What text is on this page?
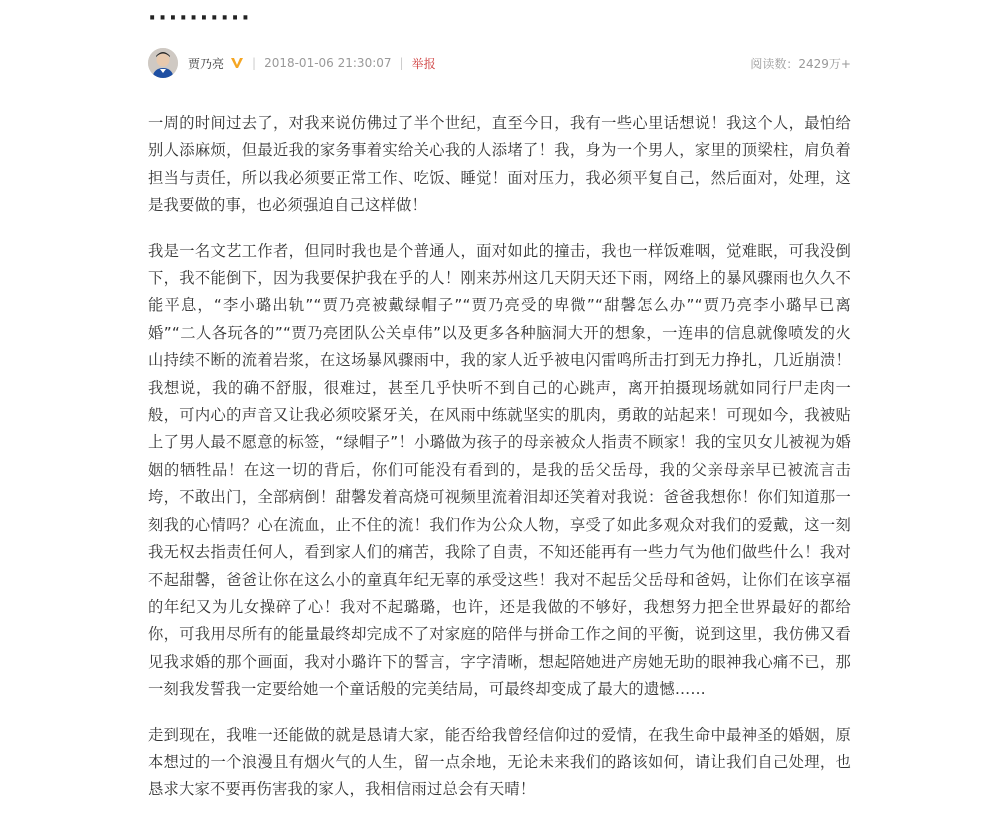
··········
贾乃亮 | 2018-01-06 21:30:07 | 举报	阅读数：2429万+

一周的时间过去了，对我来说仿佛过了半个世纪，直至今日，我有一些心里话想说！我这个人，最怕给别人添麻烦，但最近我的家务事着实给关心我的人添堵了！我，身为一个男人，家里的顶梁柱，肩负着担当与责任，所以我必须要正常工作、吃饭、睡觉！面对压力，我必须平复自己，然后面对，处理，这是我要做的事，也必须强迫自己这样做！

我是一名文艺工作者，但同时我也是个普通人，面对如此的撞击，我也一样饭难咽，觉难眠，可我没倒下，我不能倒下，因为我要保护我在乎的人！刚来苏州这几天阴天还下雨，网络上的暴风骤雨也久久不能平息，“李小璐出轨”“贾乃亮被戴绿帽子”“贾乃亮受的卑微”“甜馨怎么办”“贾乃亮李小璐早已离婚”“二人各玩各的”“贾乃亮团队公关卓伟”以及更多各种脑洞大开的想象，一连串的信息就像喷发的火山持续不断的流着岩浆，在这场暴风骤雨中，我的家人近乎被电闪雷鸣所击打到无力挣扎，几近崩溃！我想说，我的确不舒服，很难过，甚至几乎快听不到自己的心跳声，离开拍摄现场就如同行尸走肉一般，可内心的声音又让我必须咬紧牙关，在风雨中练就坚实的肌肉，勇敢的站起来！可现如今，我被贴上了男人最不愿意的标签，“绿帽子”！小璐做为孩子的母亲被众人指责不顾家！我的宝贝女儿被视为婚姻的牺牲品！在这一切的背后，你们可能没有看到的，是我的岳父岳母，我的父亲母亲早已被流言击垮，不敢出门，全部病倒！甜馨发着高烧可视频里流着泪却还笑着对我说：爸爸我想你！你们知道那一刻我的心情吗？心在流血，止不住的流！我们作为公众人物，享受了如此多观众对我们的爱戴，这一刻我无权去指责任何人，看到家人们的痛苦，我除了自责，不知还能再有一些力气为他们做些什么！我对不起甜馨，爸爸让你在这么小的童真年纪无辜的承受这些！我对不起岳父岳母和爸妈，让你们在该享福的年纪又为儿女操碎了心！我对不起璐璐，也许，还是我做的不够好，我想努力把全世界最好的都给你，可我用尽所有的能量最终却完成不了对家庭的陪伴与拼命工作之间的平衡，说到这里，我仿佛又看见我求婚的那个画面，我对小璐许下的誓言，字字清晰，想起陪她进产房她无助的眼神我心痛不已，那一刻我发誓我一定要给她一个童话般的完美结局，可最终却变成了最大的遗憾……

走到现在，我唯一还能做的就是恳请大家，能否给我曾经信仰过的爱情，在我生命中最神圣的婚姻，原本想过的一个浪漫且有烟火气的人生，留一点余地，无论未来我们的路该如何，请让我们自己处理，也恳求大家不要再伤害我的家人，我相信雨过总会有天晴！
